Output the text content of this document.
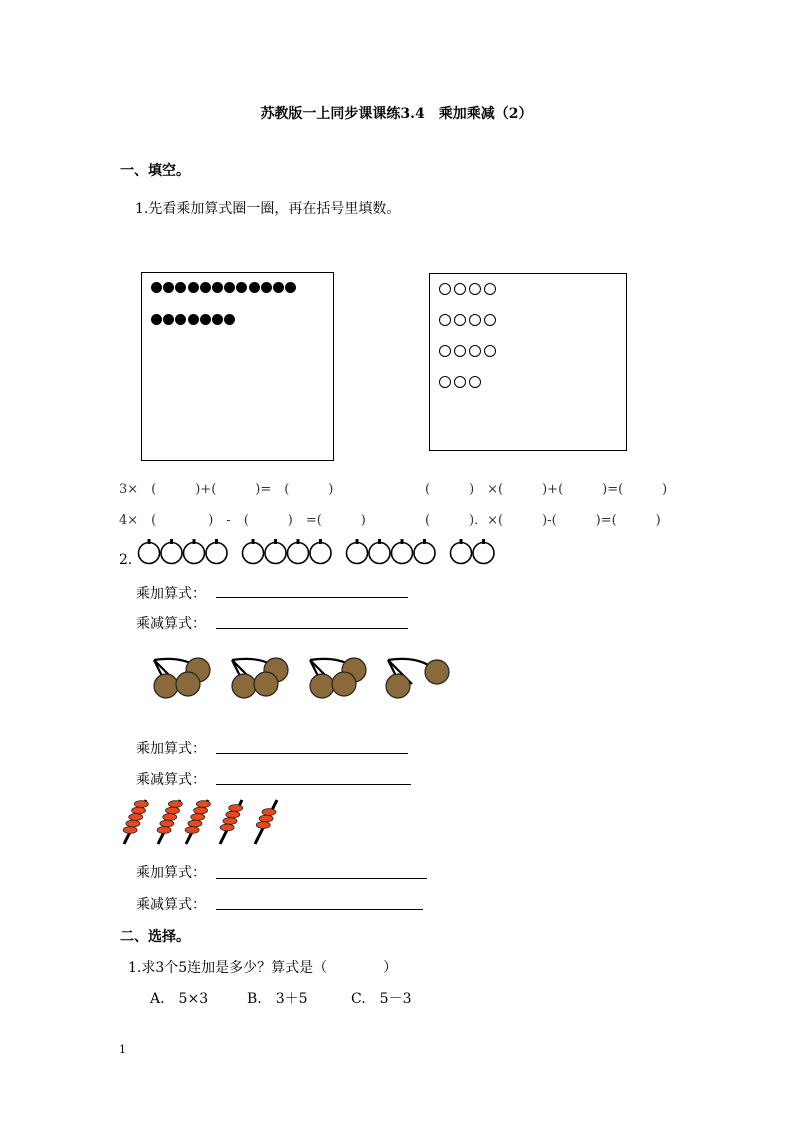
苏教版一上同步课课练3.4　乘加乘减（2）
一、填空。
1.先看乘加算式圈一圈，再在括号里填数。
3×　(　　　)+(　　　)=　(　　　)
4×　(　　　　)　-　(　　　)　=(　　　)
(　　　)　×(　　　)+(　　　)=(　　　)
(　　　)．×(　　　)-(　　　)=(　　　)
2.
乘加算式：
乘减算式：
乘加算式：
乘减算式：
乘加算式：
乘减算式：
二、选择。
1.求3个5连加是多少？算式是（　　　　）
A.　5×3	B.　3＋5	C.　5－3
1
